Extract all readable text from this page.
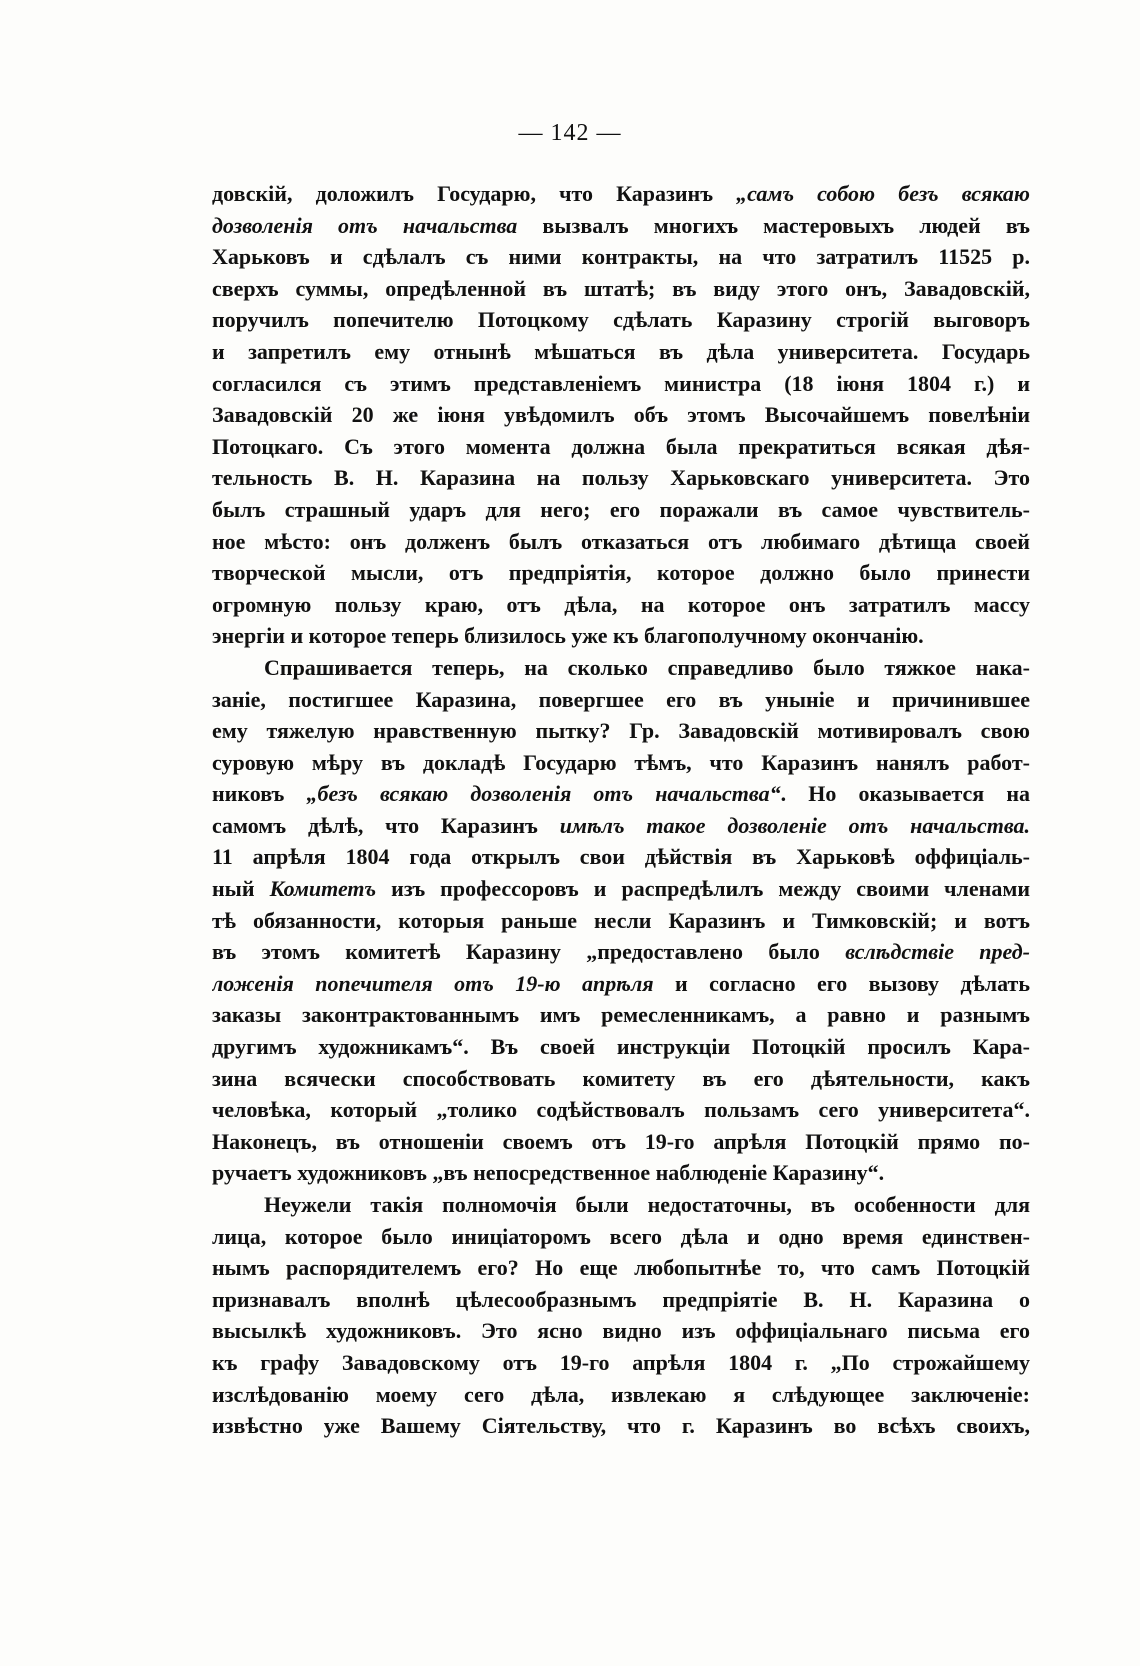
— 142 —
довскій, доложилъ Государю, что Каразинъ „самъ собою безъ всякаю
дозволенія отъ начальства вызвалъ многихъ мастеровыхъ людей въ
Харьковъ и сдѣлалъ съ ними контракты, на что затратилъ 11525 р.
сверхъ суммы, опредѣленной въ штатѣ; въ виду этого онъ, Завадовскій,
поручилъ попечителю Потоцкому сдѣлать Каразину строгій выговоръ
и запретилъ ему отнынѣ мѣшаться въ дѣла университета. Государь
согласился съ этимъ представленіемъ министра (18 іюня 1804 г.) и
Завадовскій 20 же іюня увѣдомилъ объ этомъ Высочайшемъ повелѣніи
Потоцкаго. Съ этого момента должна была прекратиться всякая дѣя-
тельность В. Н. Каразина на пользу Харьковскаго университета. Это
былъ страшный ударъ для него; его поражали въ самое чувствитель-
ное мѣсто: онъ долженъ былъ отказаться отъ любимаго дѣтища своей
творческой мысли, отъ предпріятія, которое должно было принести
огромную пользу краю, отъ дѣла, на которое онъ затратилъ массу
энергіи и которое теперь близилось уже къ благополучному окончанію.
Спрашивается теперь, на сколько справедливо было тяжкое нака-
заніе, постигшее Каразина, повергшее его въ уныніе и причинившее
ему тяжелую нравственную пытку? Гр. Завадовскій мотивировалъ свою
суровую мѣру въ докладѣ Государю тѣмъ, что Каразинъ нанялъ работ-
никовъ „безъ всякаю дозволенія отъ начальства“. Но оказывается на
самомъ дѣлѣ, что Каразинъ имѣлъ такое дозволеніе отъ начальства.
11 апрѣля 1804 года открылъ свои дѣйствія въ Харьковѣ оффиціаль-
ный Комитетъ изъ профессоровъ и распредѣлилъ между своими членами
тѣ обязанности, которыя раньше несли Каразинъ и Тимковскій; и вотъ
въ этомъ комитетѣ Каразину „предоставлено было вслѣдствіе пред-
ложенія попечителя отъ 19-ю апрѣля и согласно его вызову дѣлать
заказы законтрактованнымъ имъ ремесленникамъ, а равно и разнымъ
другимъ художникамъ“. Въ своей инструкціи Потоцкій просилъ Кара-
зина всячески способствовать комитету въ его дѣятельности, какъ
человѣка, который „толико содѣйствовалъ пользамъ сего университета“.
Наконецъ, въ отношеніи своемъ отъ 19-го апрѣля Потоцкій прямо по-
ручаетъ художниковъ „въ непосредственное наблюденіе Каразину“.
Неужели такія полномочія были недостаточны, въ особенности для
лица, которое было иниціаторомъ всего дѣла и одно время единствен-
нымъ распорядителемъ его? Но еще любопытнѣе то, что самъ Потоцкій
признавалъ вполнѣ цѣлесообразнымъ предпріятіе В. Н. Каразина о
высылкѣ художниковъ. Это ясно видно изъ оффиціальнаго письма его
къ графу Завадовскому отъ 19-го апрѣля 1804 г. „По строжайшему
изслѣдованію моему сего дѣла, извлекаю я слѣдующее заключеніе:
извѣстно уже Вашему Сіятельству, что г. Каразинъ во всѣхъ своихъ,
